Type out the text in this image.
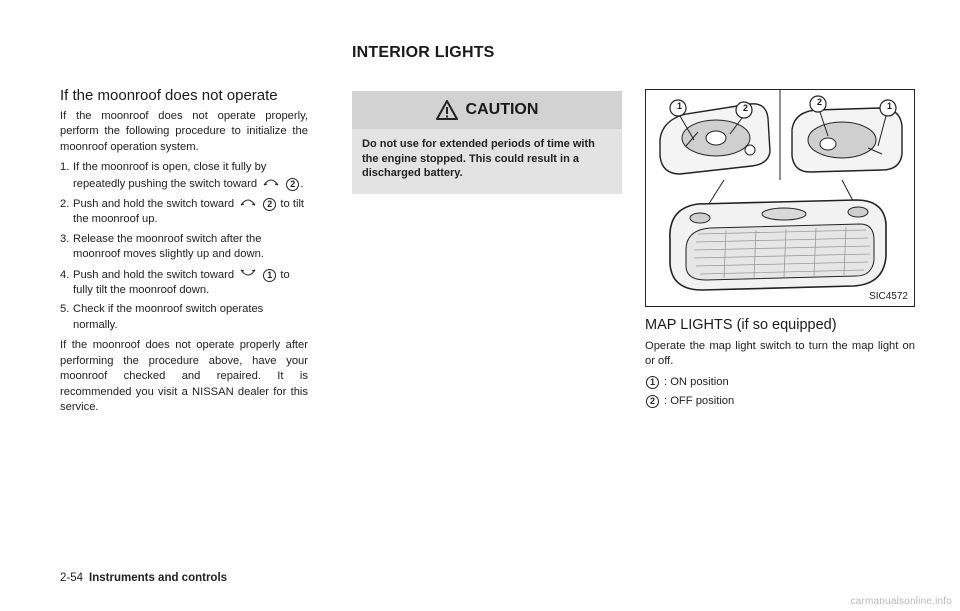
INTERIOR LIGHTS
If the moonroof does not operate

If the moonroof does not operate properly, perform the following procedure to initialize the moonroof operation system.

1. If the moonroof is open, close it fully by repeatedly pushing the switch toward	2 .
2. Push and hold the switch toward	2 to tilt the moonroof up.
3. Release the moonroof switch after the moonroof moves slightly up and down.
4. Push and hold the switch toward	1 to fully tilt the moonroof down.
5. Check if the moonroof switch operates normally.

If the moonroof does not operate properly after performing the procedure above, have your moonroof checked and repaired. It is recommended you visit a NISSAN dealer for this service.

CAUTION
Do not use for extended periods of time with the engine stopped. This could result in a discharged battery.
1	2
2	1
SIC4572
MAP LIGHTS (if so equipped)

Operate the map light switch to turn the map light on or off.

1 : ON position
2 : OFF position
2-54 Instruments and controls
carmanualsonline.info
